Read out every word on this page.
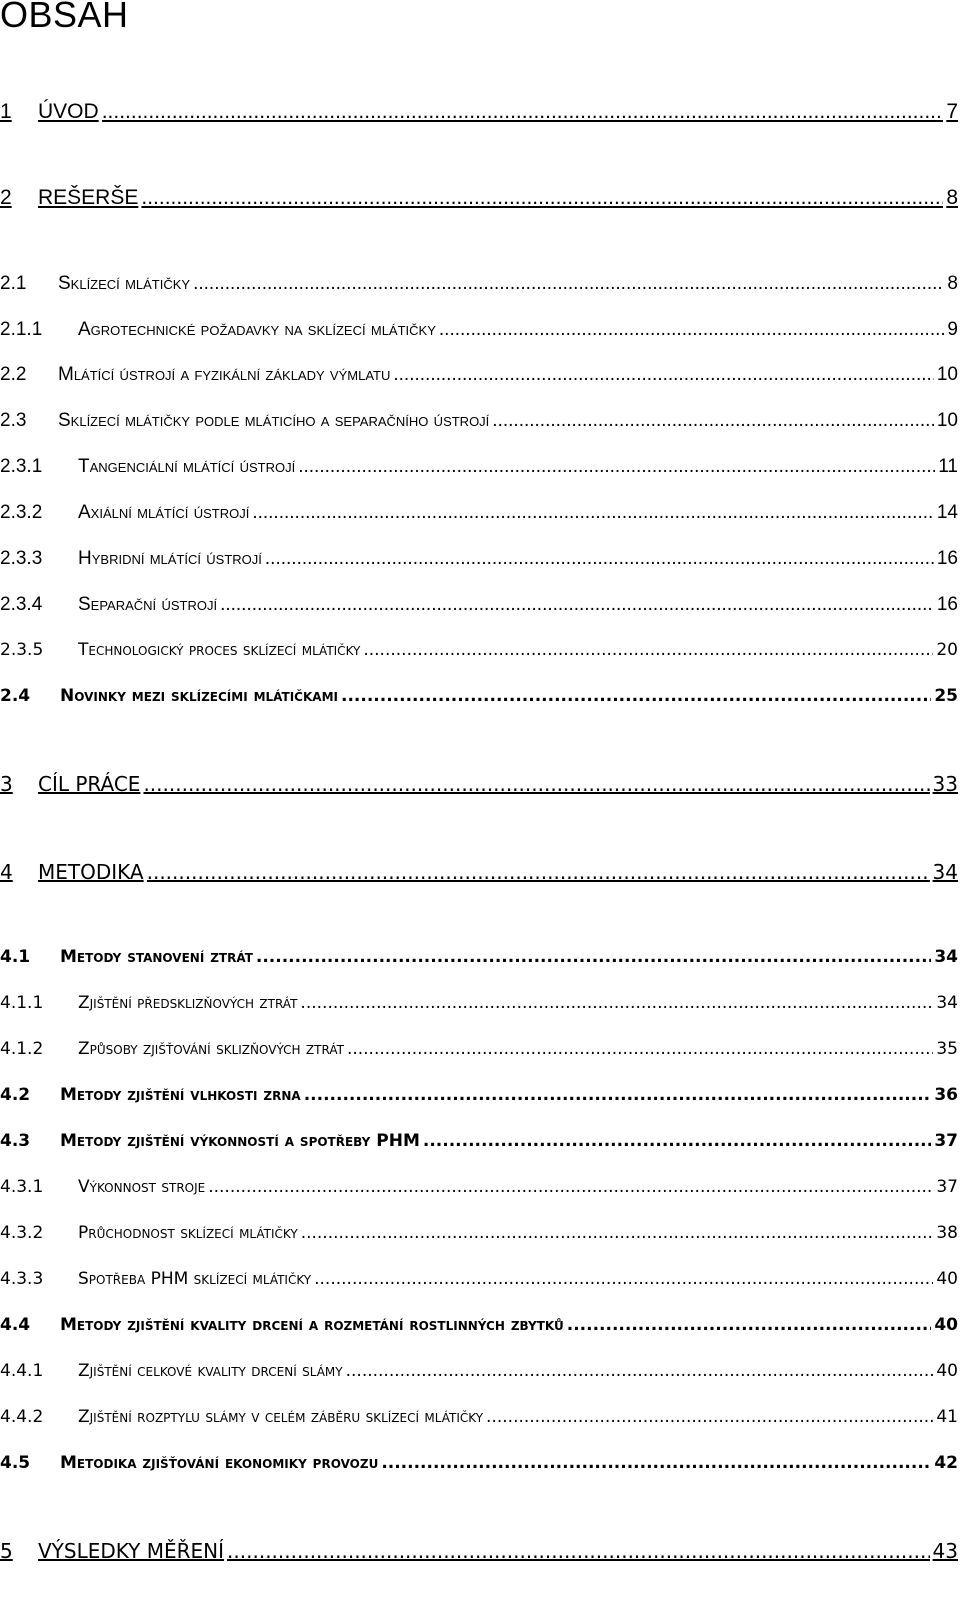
OBSAH
1	ÚVOD .....	7
2	REŠERŠE .....	8
2.1	Sklízecí mlátičky .....	8
2.1.1	Agrotechnické požadavky na sklízecí mlátičky .....	9
2.2	Mlátící ústrojí a fyzikální základy výmlatu .....	10
2.3	Sklízecí mlátičky podle mláticího a separačního ústrojí .....	10
2.3.1	Tangenciální mlátící ústrojí .....	11
2.3.2	Axiální mlátící ústrojí .....	14
2.3.3	Hybridní mlátící ústrojí .....	16
2.3.4	Separační ústrojí .....	16
2.3.5	Technologický proces sklízecí mlátičky .....	20
2.4	Novinky mezi sklízecími mlátičkami .....	25
3	CÍL PRÁCE .....	33
4	METODIKA .....	34
4.1	Metody stanovení ztrát .....	34
4.1.1	Zjištění předsklizňových ztrát .....	34
4.1.2	Způsoby zjišťování sklizňových ztrát .....	35
4.2	Metody zjištění vlhkosti zrna .....	36
4.3	Metody zjištění výkonností a spotřeby PHM .....	37
4.3.1	Výkonnost stroje .....	37
4.3.2	Průchodnost sklízecí mlátičky .....	38
4.3.3	Spotřeba PHM sklízecí mlátičky .....	40
4.4	Metody zjištění kvality drcení a rozmetání rostlinných zbytků .....	40
4.4.1	Zjištění celkové kvality drcení slámy .....	40
4.4.2	Zjištění rozptylu slámy v celém záběru sklízecí mlátičky .....	41
4.5	Metodika zjišťování ekonomiky provozu .....	42
5	VÝSLEDKY MĚŘENÍ .....	43
